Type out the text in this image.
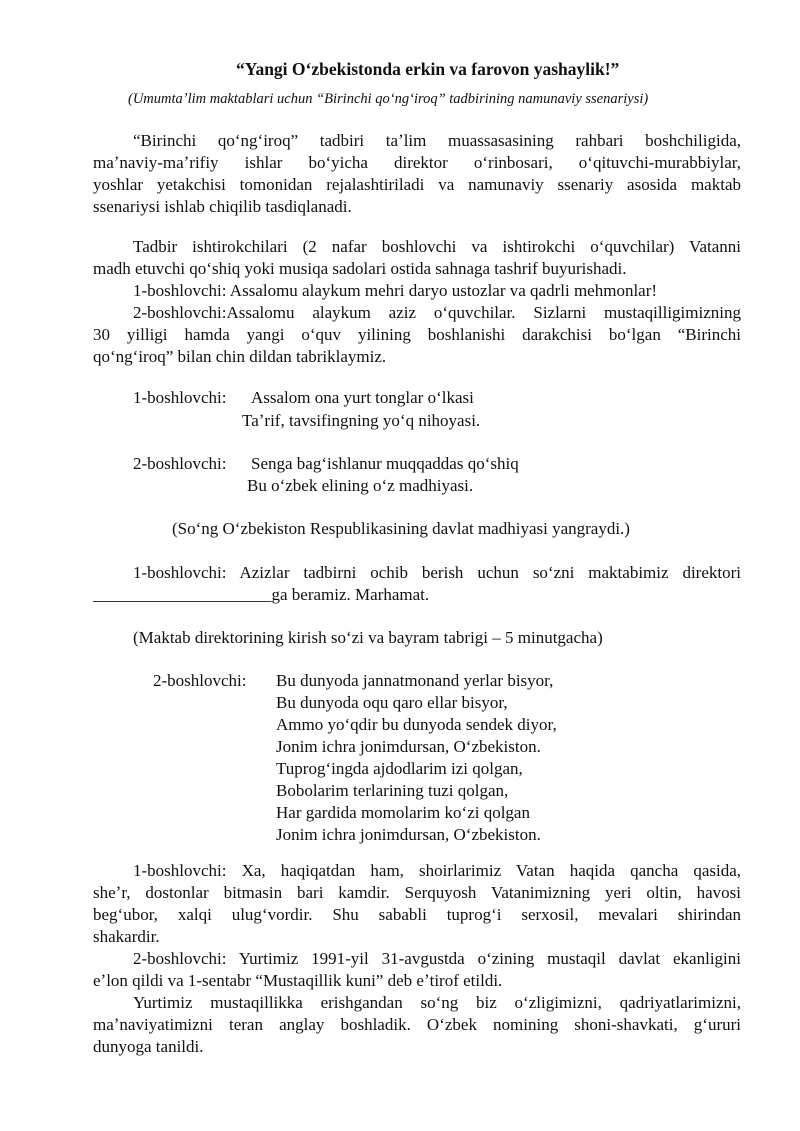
“Yangi Oʻzbekistonda erkin va farovon yashaylik!”

(Umumtaʼlim maktablari uchun “Birinchi qoʻngʻiroq” tadbirining namunaviy ssenariysi)

“Birinchi qoʻngʻiroq” tadbiri taʼlim muassasasining rahbari boshchiligida,
maʼnaviy-maʼrifiy ishlar boʻyicha direktor oʻrinbosari, oʻqituvchi-murabbiylar,
yoshlar yetakchisi tomonidan rejalashtiriladi va namunaviy ssenariy asosida maktab
ssenariysi ishlab chiqilib tasdiqlanadi.
Tadbir ishtirokchilari (2 nafar boshlovchi va ishtirokchi oʻquvchilar) Vatanni
madh etuvchi qoʻshiq yoki musiqa sadolari ostida sahnaga tashrif buyurishadi.

1-boshlovchi: Assalomu alaykum mehri daryo ustozlar va qadrli mehmonlar!

2-boshlovchi:Assalomu alaykum aziz oʻquvchilar. Sizlarni mustaqilligimizning
30 yilligi hamda yangi oʻquv yilining boshlanishi darakchisi boʻlgan “Birinchi
qoʻngʻiroq” bilan chin dildan tabriklaymiz.

1-boshlovchi: Assalom ona yurt tonglar oʻlkasi
Taʼrif, tavsifingning yoʻq nihoyasi.

2-boshlovchi: Senga bagʻishlanur muqqaddas qoʻshiq
Bu oʻzbek elining oʻz madhiyasi.

(Soʻng Oʻzbekiston Respublikasining davlat madhiyasi yangraydi.)

1-boshlovchi: Azizlar tadbirni ochib berish uchun soʻzni maktabimiz direktori
_____________________ga beramiz. Marhamat.

(Maktab direktorining kirish soʻzi va bayram tabrigi – 5 minutgacha)

2-boshlovchi: Bu dunyoda jannatmonand yerlar bisyor,
Bu dunyoda oqu qaro ellar bisyor,
Ammo yoʻqdir bu dunyoda sendek diyor,
Jonim ichra jonimdursan, Oʻzbekiston.
Tuprogʻingda ajdodlarim izi qolgan,
Bobolarim terlarining tuzi qolgan,
Har gardida momolarim koʻzi qolgan
Jonim ichra jonimdursan, Oʻzbekiston.
1-boshlovchi: Xa, haqiqatdan ham, shoirlarimiz Vatan haqida qancha qasida,
sheʼr, dostonlar bitmasin bari kamdir. Serquyosh Vatanimizning yeri oltin, havosi
begʻubor, xalqi ulugʻvordir. Shu sababli tuprogʻi serxosil, mevalari shirindan
shakardir.
2-boshlovchi: Yurtimiz 1991-yil 31-avgustda oʻzining mustaqil davlat ekanligini
eʼlon qildi va 1-sentabr “Mustaqillik kuni” deb eʼtirof etildi.
Yurtimiz mustaqillikka erishgandan soʻng biz oʻzligimizni, qadriyatlarimizni,
maʼnaviyatimizni teran anglay boshladik. Oʻzbek nomining shoni-shavkati, gʻururi
dunyoga tanildi.
